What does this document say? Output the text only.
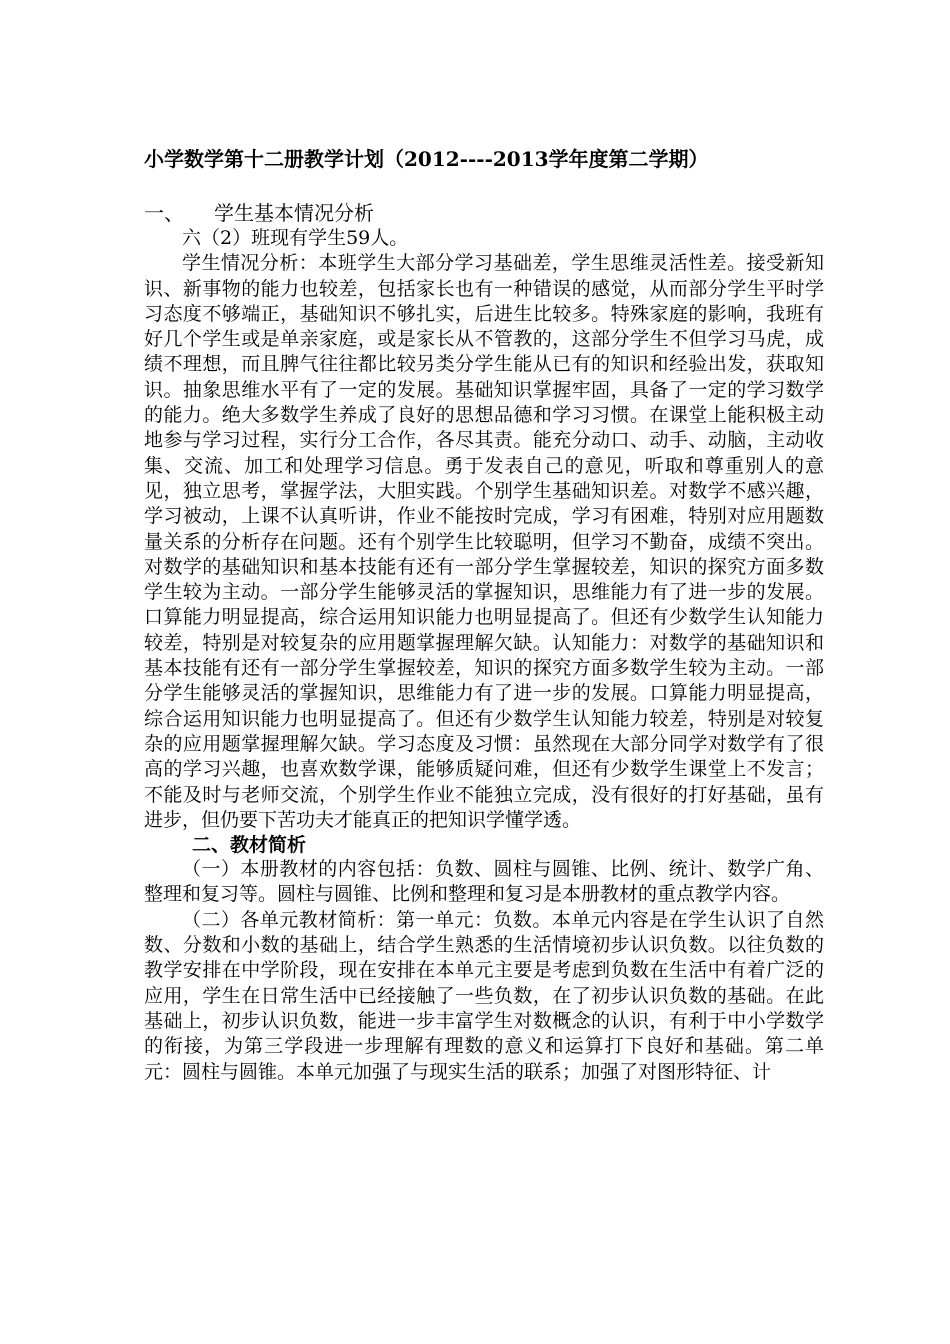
小学数学第十二册教学计划（2012----2013学年度第二学期）
一、 学生基本情况分析

六（2）班现有学生59人。

学生情况分析：本班学生大部分学习基础差，学生思维灵活性差。接受新知识、新事物的能力也较差，包括家长也有一种错误的感觉，从而部分学生平时学习态度不够端正，基础知识不够扎实，后进生比较多。特殊家庭的影响，我班有好几个学生或是单亲家庭，或是家长从不管教的，这部分学生不但学习马虎，成绩不理想，而且脾气往往都比较另类分学生能从已有的知识和经验出发，获取知识。抽象思维水平有了一定的发展。基础知识掌握牢固，具备了一定的学习数学的能力。绝大多数学生养成了良好的思想品德和学习习惯。在课堂上能积极主动地参与学习过程，实行分工合作，各尽其责。能充分动口、动手、动脑，主动收集、交流、加工和处理学习信息。勇于发表自己的意见，听取和尊重别人的意见，独立思考，掌握学法，大胆实践。个别学生基础知识差。对数学不感兴趣，学习被动，上课不认真听讲，作业不能按时完成，学习有困难，特别对应用题数量关系的分析存在问题。还有个别学生比较聪明，但学习不勤奋，成绩不突出。对数学的基础知识和基本技能有还有一部分学生掌握较差，知识的探究方面多数学生较为主动。一部分学生能够灵活的掌握知识，思维能力有了进一步的发展。口算能力明显提高，综合运用知识能力也明显提高了。但还有少数学生认知能力较差，特别是对较复杂的应用题掌握理解欠缺。认知能力：对数学的基础知识和基本技能有还有一部分学生掌握较差，知识的探究方面多数学生较为主动。一部分学生能够灵活的掌握知识，思维能力有了进一步的发展。口算能力明显提高，综合运用知识能力也明显提高了。但还有少数学生认知能力较差，特别是对较复杂的应用题掌握理解欠缺。学习态度及习惯：虽然现在大部分同学对数学有了很高的学习兴趣，也喜欢数学课，能够质疑问难，但还有少数学生课堂上不发言；不能及时与老师交流，个别学生作业不能独立完成，没有很好的打好基础，虽有进步，但仍要下苦功夫才能真正的把知识学懂学透。

二、教材简析

（一）本册教材的内容包括：负数、圆柱与圆锥、比例、统计、数学广角、整理和复习等。圆柱与圆锥、比例和整理和复习是本册教材的重点教学内容。

（二）各单元教材简析：第一单元：负数。本单元内容是在学生认识了自然数、分数和小数的基础上，结合学生熟悉的生活情境初步认识负数。以往负数的教学安排在中学阶段，现在安排在本单元主要是考虑到负数在生活中有着广泛的应用，学生在日常生活中已经接触了一些负数，在了初步认识负数的基础。在此基础上，初步认识负数，能进一步丰富学生对数概念的认识，有利于中小学数学的衔接，为第三学段进一步理解有理数的意义和运算打下良好和基础。第二单元：圆柱与圆锥。本单元加强了与现实生活的联系；加强了对图形特征、计
